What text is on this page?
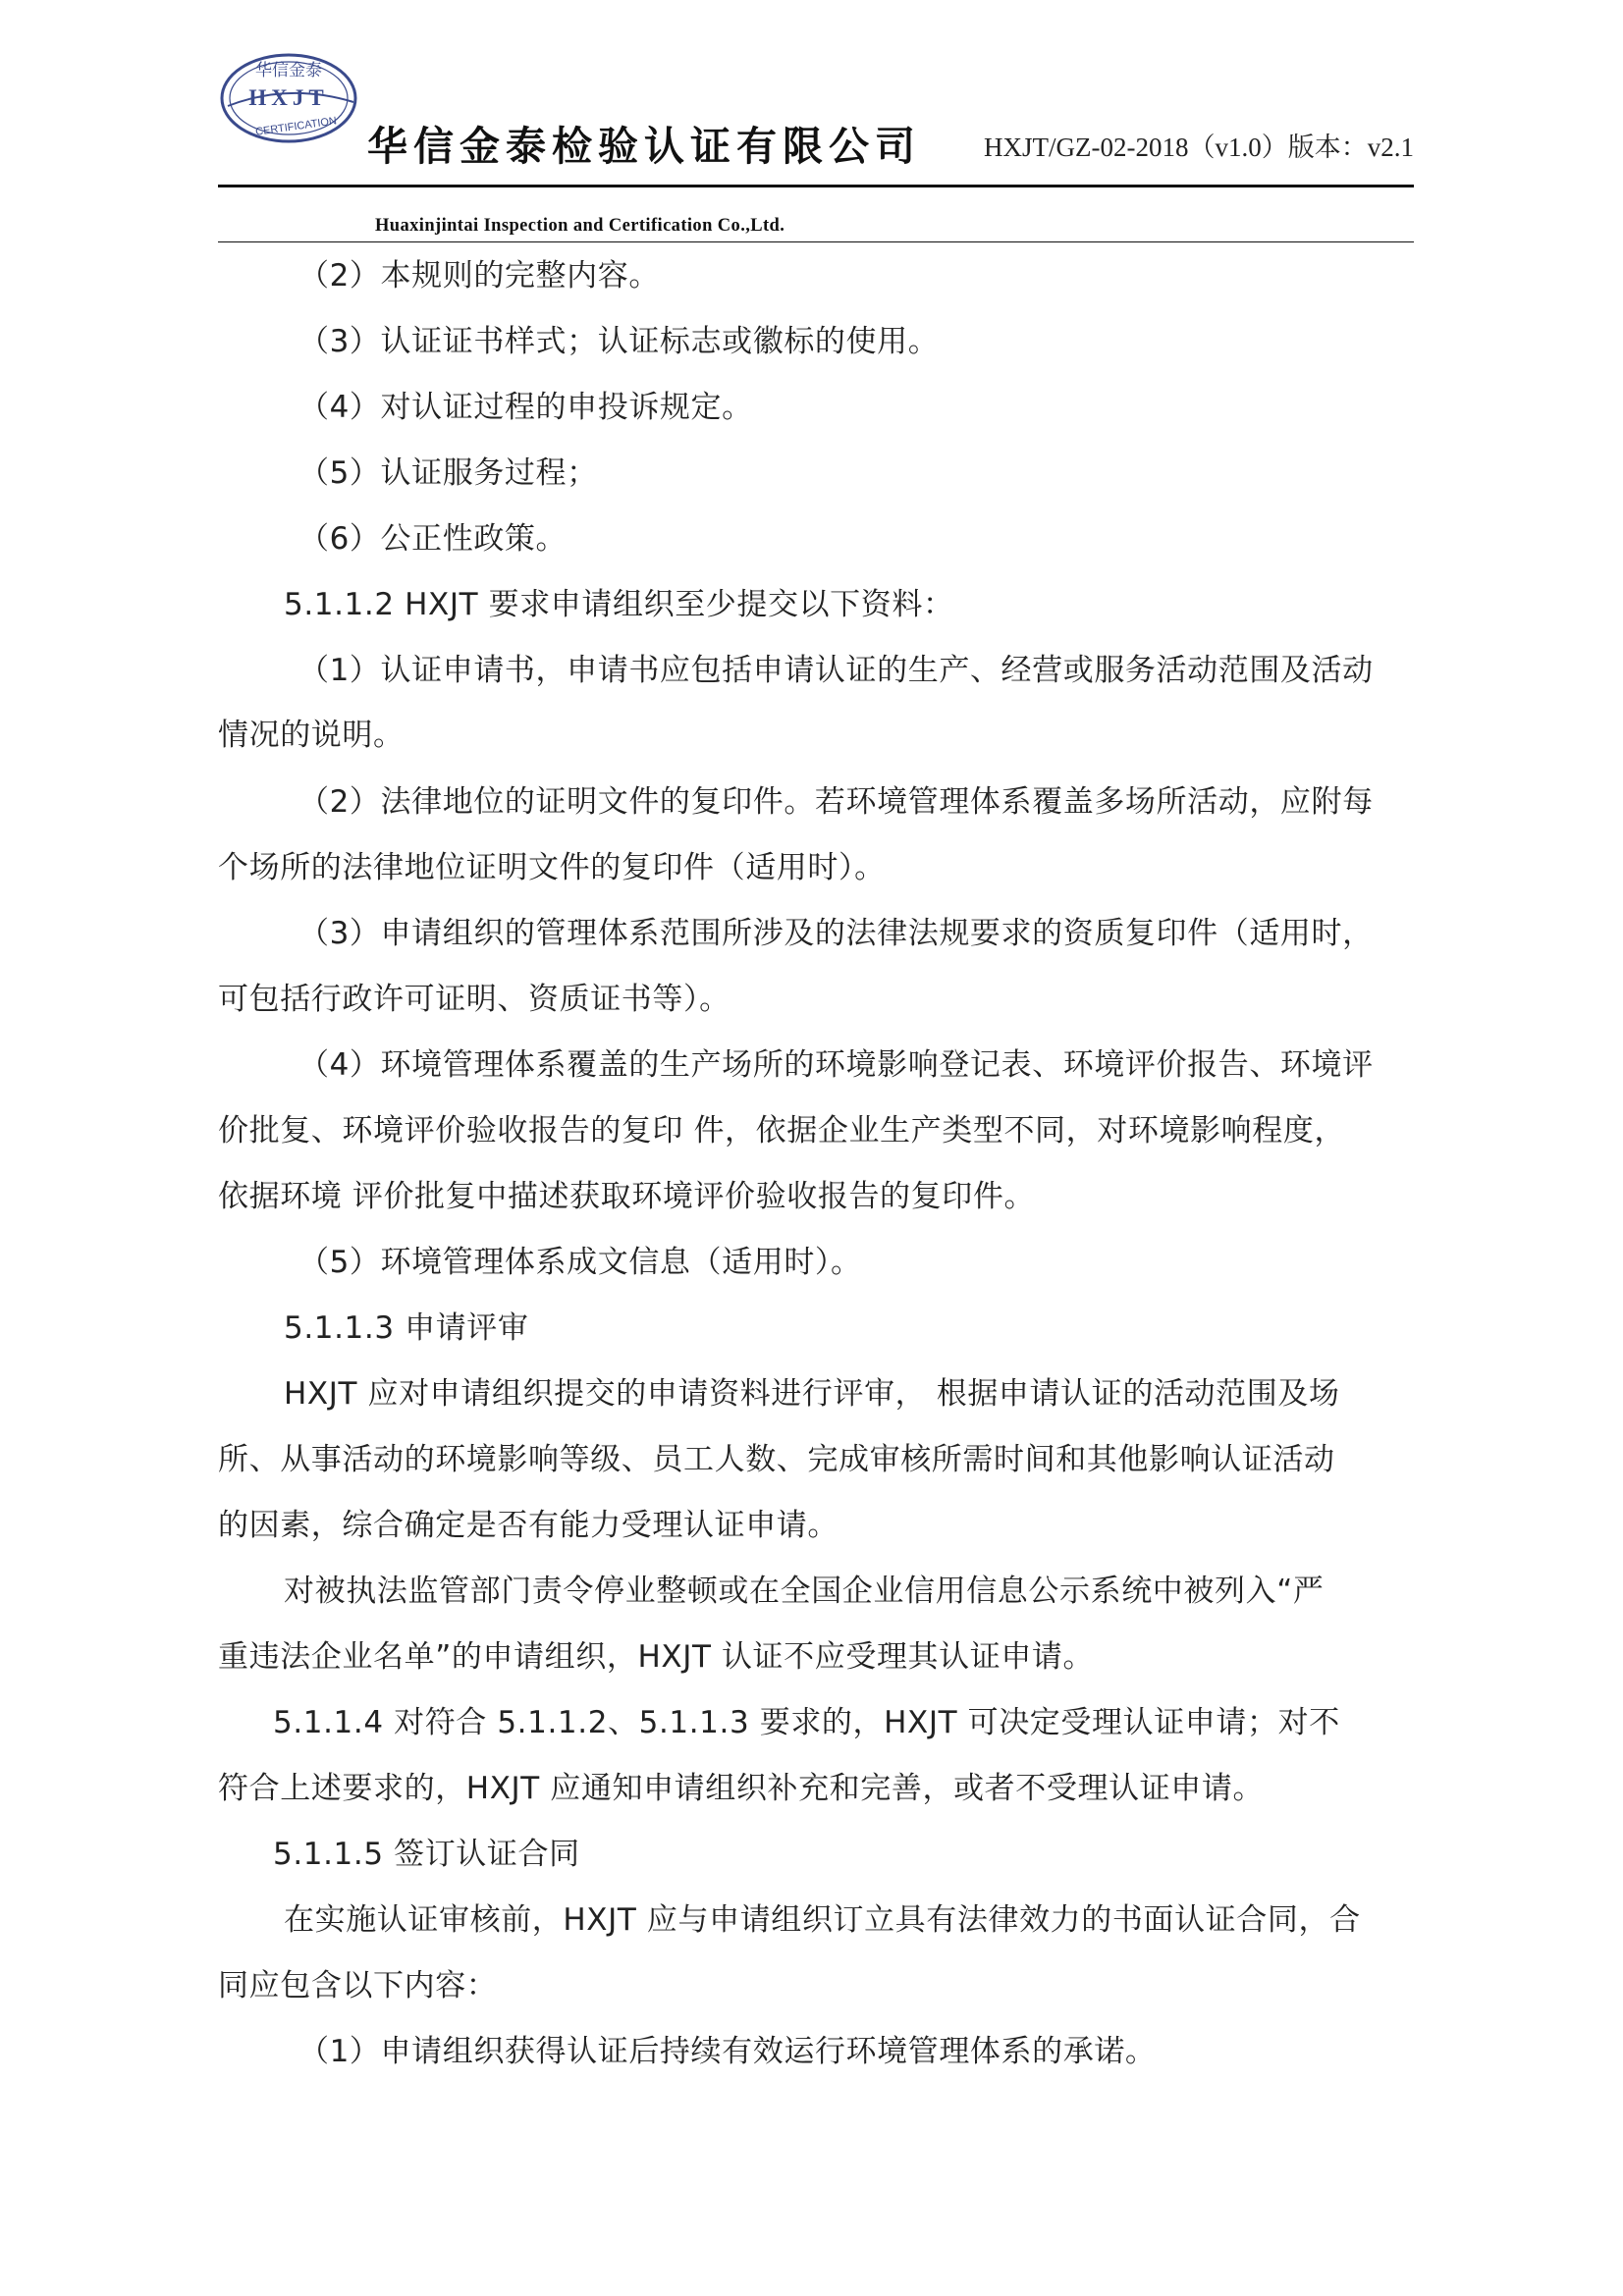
华信金泰
HXJT
CERTIFICATION 华信金泰检验认证有限公司 HXJT/GZ-02-2018（v1.0）版本：v2.1
Huaxinjintai Inspection and Certification Co.,Ltd.
（2）本规则的完整内容。
（3）认证证书样式；认证标志或徽标的使用。
（4）对认证过程的申投诉规定。
（5）认证服务过程；
（6）公正性政策。
5.1.1.2 HXJT 要求申请组织至少提交以下资料：
（1）认证申请书，申请书应包括申请认证的生产、经营或服务活动范围及活动
情况的说明。
（2）法律地位的证明文件的复印件。若环境管理体系覆盖多场所活动，应附每
个场所的法律地位证明文件的复印件（适用时）。
（3）申请组织的管理体系范围所涉及的法律法规要求的资质复印件（适用时，
可包括行政许可证明、资质证书等）。
（4）环境管理体系覆盖的生产场所的环境影响登记表、环境评价报告、环境评
价批复、环境评价验收报告的复印 件，依据企业生产类型不同，对环境影响程度，
依据环境 评价批复中描述获取环境评价验收报告的复印件。
（5）环境管理体系成文信息（适用时）。
5.1.1.3 申请评审
HXJT 应对申请组织提交的申请资料进行评审， 根据申请认证的活动范围及场
所、从事活动的环境影响等级、员工人数、完成审核所需时间和其他影响认证活动
的因素，综合确定是否有能力受理认证申请。
对被执法监管部门责令停业整顿或在全国企业信用信息公示系统中被列入“严
重违法企业名单”的申请组织，HXJT 认证不应受理其认证申请。
5.1.1.4 对符合 5.1.1.2、5.1.1.3 要求的，HXJT 可决定受理认证申请；对不
符合上述要求的，HXJT 应通知申请组织补充和完善，或者不受理认证申请。
5.1.1.5 签订认证合同
在实施认证审核前，HXJT 应与申请组织订立具有法律效力的书面认证合同，合
同应包含以下内容：
（1）申请组织获得认证后持续有效运行环境管理体系的承诺。
